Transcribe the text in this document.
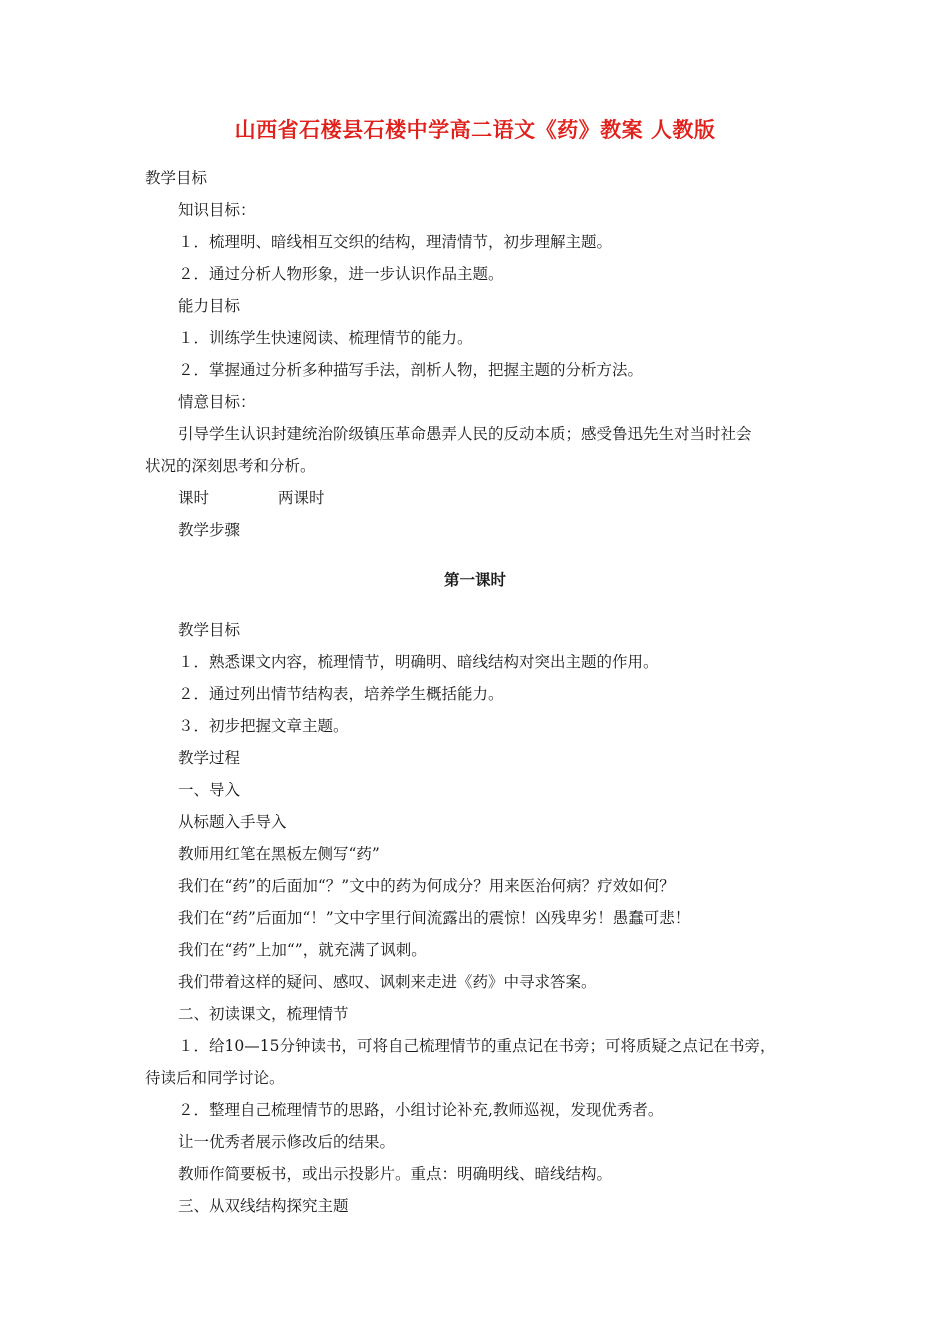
山西省石楼县石楼中学高二语文《药》教案 人教版
教学目标
知识目标：
１．梳理明、暗线相互交织的结构，理清情节，初步理解主题。
２．通过分析人物形象，进一步认识作品主题。
能力目标
１．训练学生快速阅读、梳理情节的能力。
２．掌握通过分析多种描写手法，剖析人物，把握主题的分析方法。
情意目标：
引导学生认识封建统治阶级镇压革命愚弄人民的反动本质；感受鲁迅先生对当时社会
状况的深刻思考和分析。
课时	两课时
教学步骤
第一课时
教学目标
１．熟悉课文内容，梳理情节，明确明、暗线结构对突出主题的作用。
２．通过列出情节结构表，培养学生概括能力。
３．初步把握文章主题。
教学过程
一、导入
从标题入手导入
教师用红笔在黑板左侧写“药”
我们在“药”的后面加“？”文中的药为何成分？用来医治何病？疗效如何？
我们在“药”后面加“！”文中字里行间流露出的震惊！凶残卑劣！愚蠢可悲！
我们在“药”上加“”，就充满了讽刺。
我们带着这样的疑问、感叹、讽刺来走进《药》中寻求答案。
二、初读课文，梳理情节
１．给10—15分钟读书，可将自己梳理情节的重点记在书旁；可将质疑之点记在书旁，
待读后和同学讨论。
２．整理自己梳理情节的思路，小组讨论补充,教师巡视，发现优秀者。
让一优秀者展示修改后的结果。
教师作简要板书，或出示投影片。重点：明确明线、暗线结构。
三、从双线结构探究主题
